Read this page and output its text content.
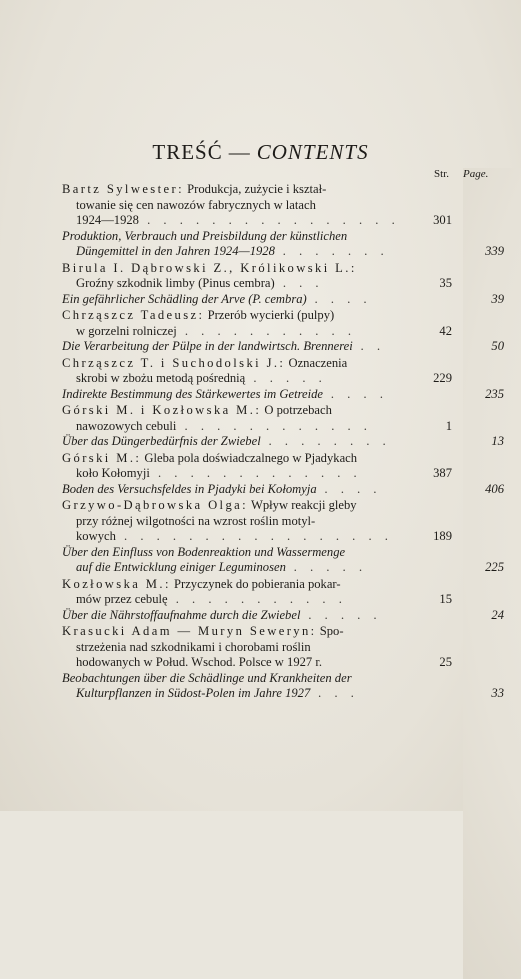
TREŚĆ — CONTENTS
Str. Page.
Bartz Sylwester: Produkcja, zużycie i kształ-
towanie się cen nawozów fabrycznych w latach
1924—1928 . . . . . . . . . . . . . . . .	301
Produktion, Verbrauch und Preisbildung der künstlichen
Düngemittel in den Jahren 1924—1928 . . . . . . .	339
Birula I. Dąbrowski Z., Królikowski L.:
Groźny szkodnik limby (Pinus cembra) . . .	35
Ein gefährlicher Schädling der Arve (P. cembra) . . . .	39
Chrząszcz Tadeusz: Przerób wycierki (pulpy)
w gorzelni rolniczej . . . . . . . . . . .	42
Die Verarbeitung der Pülpe in der landwirtsch. Brennerei . .	50
Chrząszcz T. i Suchodolski J.: Oznaczenia
skrobi w zbożu metodą pośrednią . . . . .	229
Indirekte Bestimmung des Stärkewertes im Getreide . . . .	235
Górski M. i Kozłowska M.: O potrzebach
nawozowych cebuli . . . . . . . . . . . .	1
Über das Düngerbedürfnis der Zwiebel . . . . . . . .	13
Górski M.: Gleba pola doświadczalnego w Pjadykach
koło Kołomyji . . . . . . . . . . . . .	387
Boden des Versuchsfeldes in Pjadyki bei Kołomyja . . . .	406
Grzywo-Dąbrowska Olga: Wpływ reakcji gleby
przy różnej wilgotności na wzrost roślin motyl-
kowych . . . . . . . . . . . . . . . . .	189
Über den Einfluss von Bodenreaktion und Wassermenge
auf die Entwicklung einiger Leguminosen . . . . .	225
Kozłowska M.: Przyczynek do pobierania pokar-
mów przez cebulę . . . . . . . . . . .	15
Über die Nährstoffaufnahme durch die Zwiebel . . . . .	24
Krasucki Adam — Muryn Seweryn: Spo-
strzeżenia nad szkodnikami i chorobami roślin
hodowanych w Połud. Wschod. Polsce w 1927 r.	25
Beobachtungen über die Schädlinge und Krankheiten der
Kulturpflanzen in Südost-Polen im Jahre 1927 . . .	33
